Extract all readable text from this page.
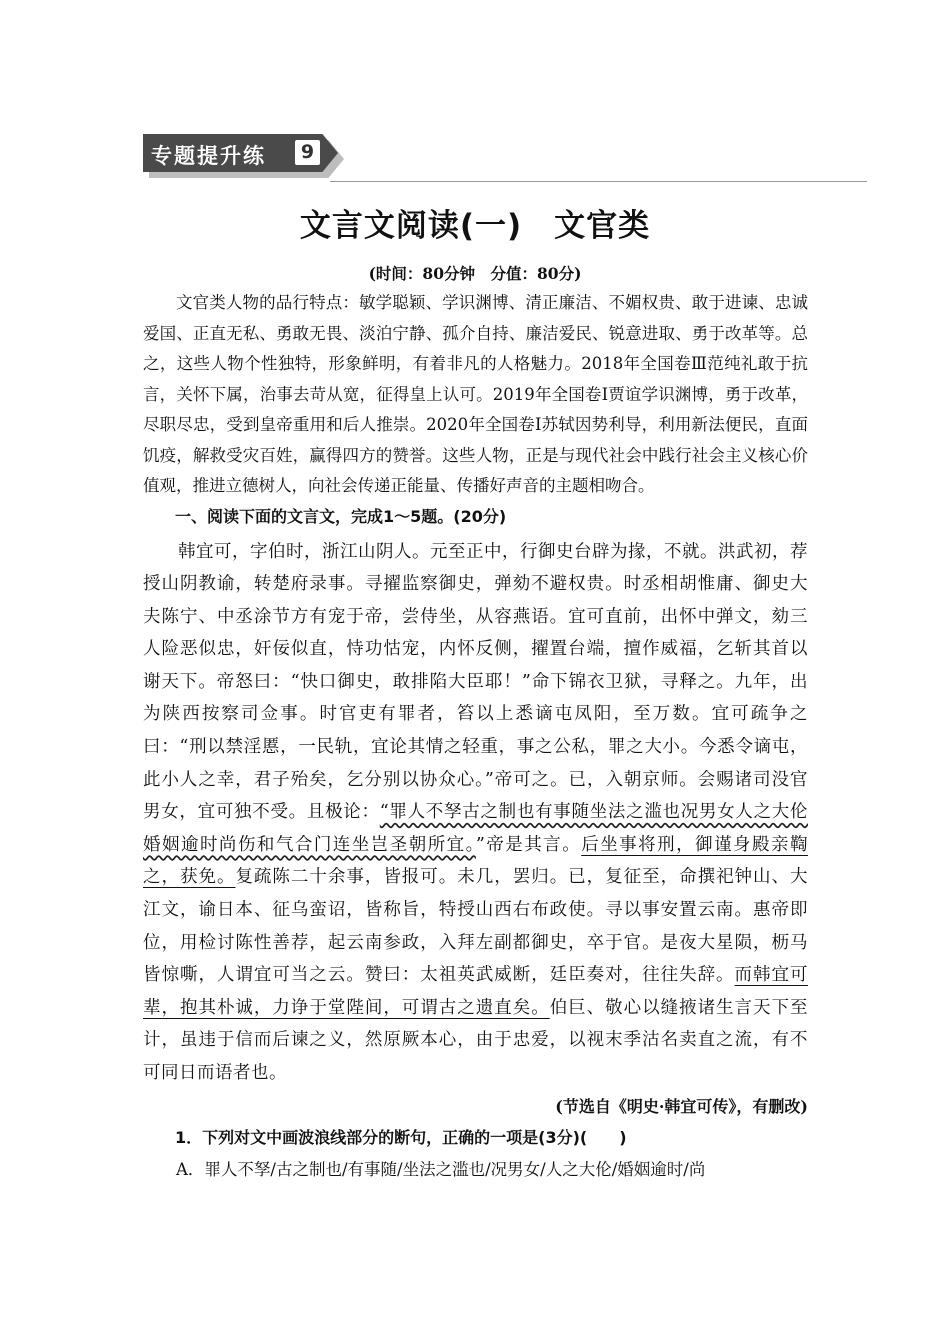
专题提升练	9
文言文阅读(一)　文官类
(时间：80分钟　分值：80分)

文官类人物的品行特点：敏学聪颖、学识渊博、清正廉洁、不媚权贵、敢于进谏、忠诚爱国、正直无私、勇敢无畏、淡泊宁静、孤介自持、廉洁爱民、锐意进取、勇于改革等。总之，这些人物个性独特，形象鲜明，有着非凡的人格魅力。2018年全国卷Ⅲ范纯礼敢于抗言，关怀下属，治事去苛从宽，征得皇上认可。2019年全国卷Ⅰ贾谊学识渊博，勇于改革，尽职尽忠，受到皇帝重用和后人推崇。2020年全国卷Ⅰ苏轼因势利导，利用新法便民，直面饥疫，解救受灾百姓，赢得四方的赞誉。这些人物，正是与现代社会中践行社会主义核心价值观，推进立德树人，向社会传递正能量、传播好声音的主题相吻合。

一、阅读下面的文言文，完成1～5题。(20分)

韩宜可，字伯时，浙江山阴人。元至正中，行御史台辟为掾，不就。洪武初，荐授山阴教谕，转楚府录事。寻擢监察御史，弹劾不避权贵。时丞相胡惟庸、御史大夫陈宁、中丞涂节方有宠于帝，尝侍坐，从容燕语。宜可直前，出怀中弹文，劾三人险恶似忠，奸佞似直，恃功怙宠，内怀反侧，擢置台端，擅作威福，乞斩其首以谢天下。帝怒曰：“快口御史，敢排陷大臣耶！”命下锦衣卫狱，寻释之。九年，出为陕西按察司佥事。时官吏有罪者，笞以上悉谪屯凤阳，至万数。宜可疏争之曰：“刑以禁淫慝，一民轨，宜论其情之轻重，事之公私，罪之大小。今悉令谪屯，此小人之幸，君子殆矣，乞分别以协众心。”帝可之。已，入朝京师。会赐诸司没官男女，宜可独不受。且极论：“罪人不孥古之制也有事随坐法之滥也况男女人之大伦婚姻逾时尚伤和气合门连坐岂圣朝所宜。”帝是其言。后坐事将刑，御谨身殿亲鞫之，获免。复疏陈二十余事，皆报可。未几，罢归。已，复征至，命撰祀钟山、大江文，谕日本、征乌蛮诏，皆称旨，特授山西右布政使。寻以事安置云南。惠帝即位，用检讨陈性善荐，起云南参政，入拜左副都御史，卒于官。是夜大星陨，枥马皆惊嘶，人谓宜可当之云。赞曰：太祖英武威断，廷臣奏对，往往失辞。而韩宜可辈，抱其朴诚，力诤于堂陛间，可谓古之遗直矣。伯巨、敬心以缝掖诸生言天下至计，虽违于信而后谏之义，然原厥本心，由于忠爱，以视末季沽名卖直之流，有不可同日而语者也。

(节选自《明史·韩宜可传》，有删改)

1．下列对文中画波浪线部分的断句，正确的一项是(3分)(　　)

A．罪人不孥/古之制也/有事随/坐法之滥也/况男女/人之大伦/婚姻逾时/尚
